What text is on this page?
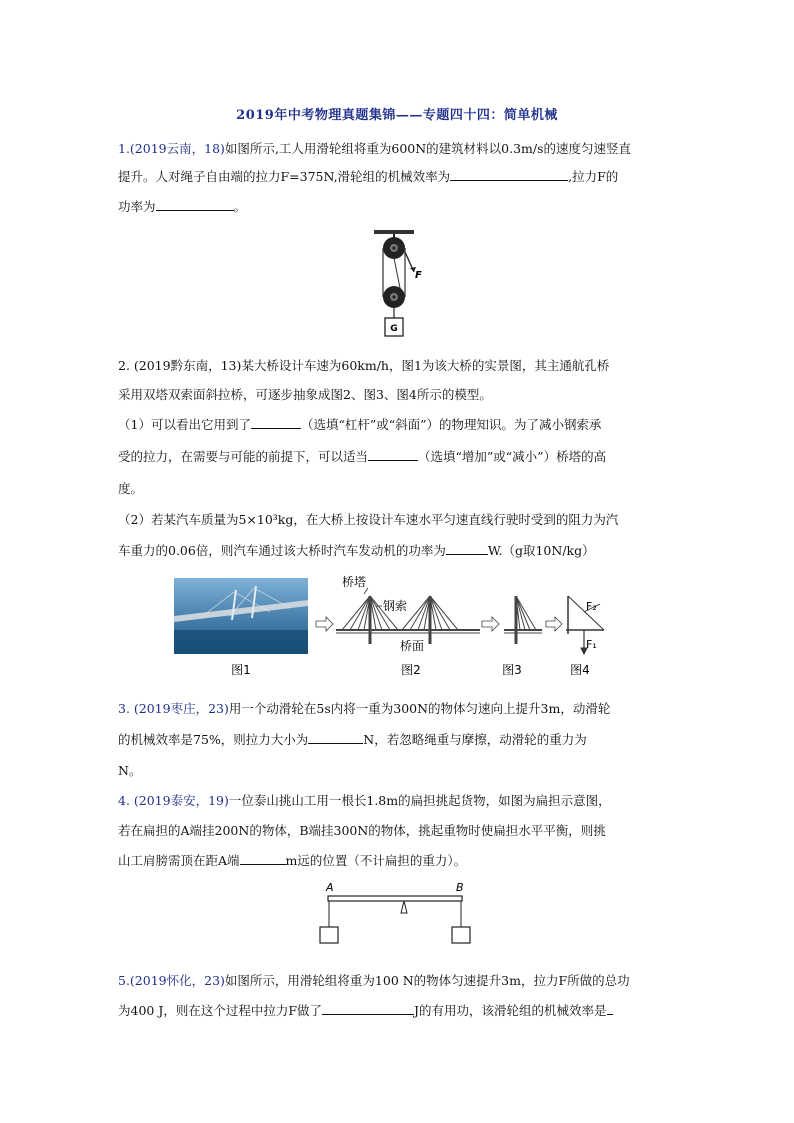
2019年中考物理真题集锦——专题四十四：简单机械
1.(2019云南，18)如图所示,工人用滑轮组将重为600N的建筑材料以0.3m/s的速度匀速竖直
提升。人对绳子自由端的拉力F=375N,滑轮组的机械效率为	,拉力F的
功率为	。
F
G
2. (2019黔东南，13)某大桥设计车速为60km/h，图1为该大桥的实景图，其主通航孔桥
采用双塔双索面斜拉桥，可逐步抽象成图2、图3、图4所示的模型。
（1）可以看出它用到了	（选填“杠杆”或“斜面”）的物理知识。为了减小钢索承
受的拉力，在需要与可能的前提下，可以适当	（选填“增加”或“减小”）桥塔的高
度。
（2）若某汽车质量为5×10³kg，在大桥上按设计车速水平匀速直线行驶时受到的阻力为汽
车重力的0.06倍，则汽车通过该大桥时汽车发动机的功率为	W.（g取10N/kg）
图1
桥塔
钢索
桥面
图2	图3
F₂
F₁
图4
3. (2019枣庄，23)用一个动滑轮在5s内将一重为300N的物体匀速向上提升3m，动滑轮
的机械效率是75%，则拉力大小为	N，若忽略绳重与摩擦，动滑轮的重力为
N。
4. (2019泰安，19)一位泰山挑山工用一根长1.8m的扁担挑起货物，如图为扁担示意图，
若在扁担的A端挂200N的物体，B端挂300N的物体，挑起重物时使扁担水平平衡，则挑
山工肩膀需顶在距A端	m远的位置（不计扁担的重力）。
A	B
5.(2019怀化，23)如图所示，用滑轮组将重为100 N的物体匀速提升3m，拉力F所做的总功
为400 J，则在这个过程中拉力F做了	J的有用功，该滑轮组的机械效率是
